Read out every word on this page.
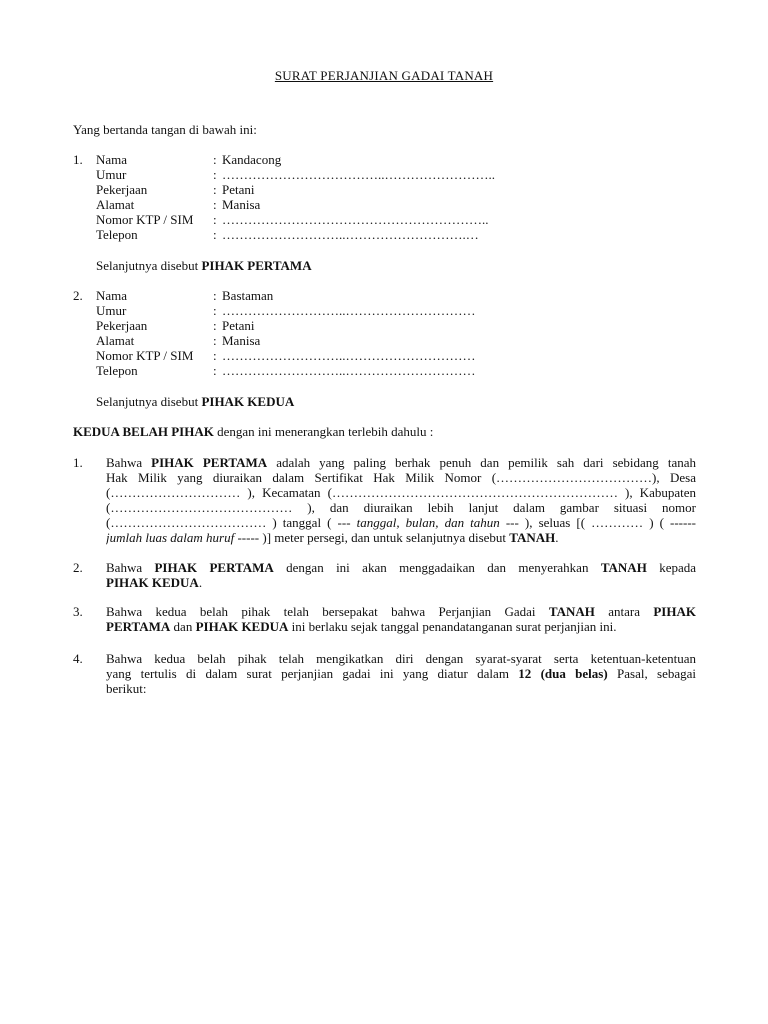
SURAT PERJANJIAN GADAI TANAH
Yang bertanda tangan di bawah ini:
1. Nama	: Kandacong
Umur	: ………………………………..……………………..
Pekerjaan	: Petani
Alamat	: Manisa
Nomor KTP / SIM	: ……………………………………………………..
Telepon	: ………………………..……………………….…
Selanjutnya disebut PIHAK PERTAMA
2. Nama	: Bastaman
Umur	: ………………………..…………………………
Pekerjaan	: Petani
Alamat	: Manisa
Nomor KTP / SIM	: ………………………..…………………………
Telepon	: ………………………..…………………………
Selanjutnya disebut PIHAK KEDUA
KEDUA BELAH PIHAK dengan ini menerangkan terlebih dahulu :
1. Bahwa PIHAK PERTAMA adalah yang paling berhak penuh dan pemilik sah dari sebidang tanah
Hak Milik yang diuraikan dalam Sertifikat Hak Milik Nomor (………………………………), Desa
(………………………… ), Kecamatan (………………………………………………………… ), Kabupaten
(…………………………………… ), dan diuraikan lebih lanjut dalam gambar situasi nomor
(……………………………… ) tanggal ( --- tanggal, bulan, dan tahun --- ), seluas [( ………… ) ( ------
jumlah luas dalam huruf ----- )] meter persegi, dan untuk selanjutnya disebut TANAH.
2. Bahwa PIHAK PERTAMA dengan ini akan menggadaikan dan menyerahkan TANAH kepada
PIHAK KEDUA.
3. Bahwa kedua belah pihak telah bersepakat bahwa Perjanjian Gadai TANAH antara PIHAK
PERTAMA dan PIHAK KEDUA ini berlaku sejak tanggal penandatanganan surat perjanjian ini.
4. Bahwa kedua belah pihak telah mengikatkan diri dengan syarat-syarat serta ketentuan-ketentuan
yang tertulis di dalam surat perjanjian gadai ini yang diatur dalam 12 (dua belas) Pasal, sebagai
berikut:
